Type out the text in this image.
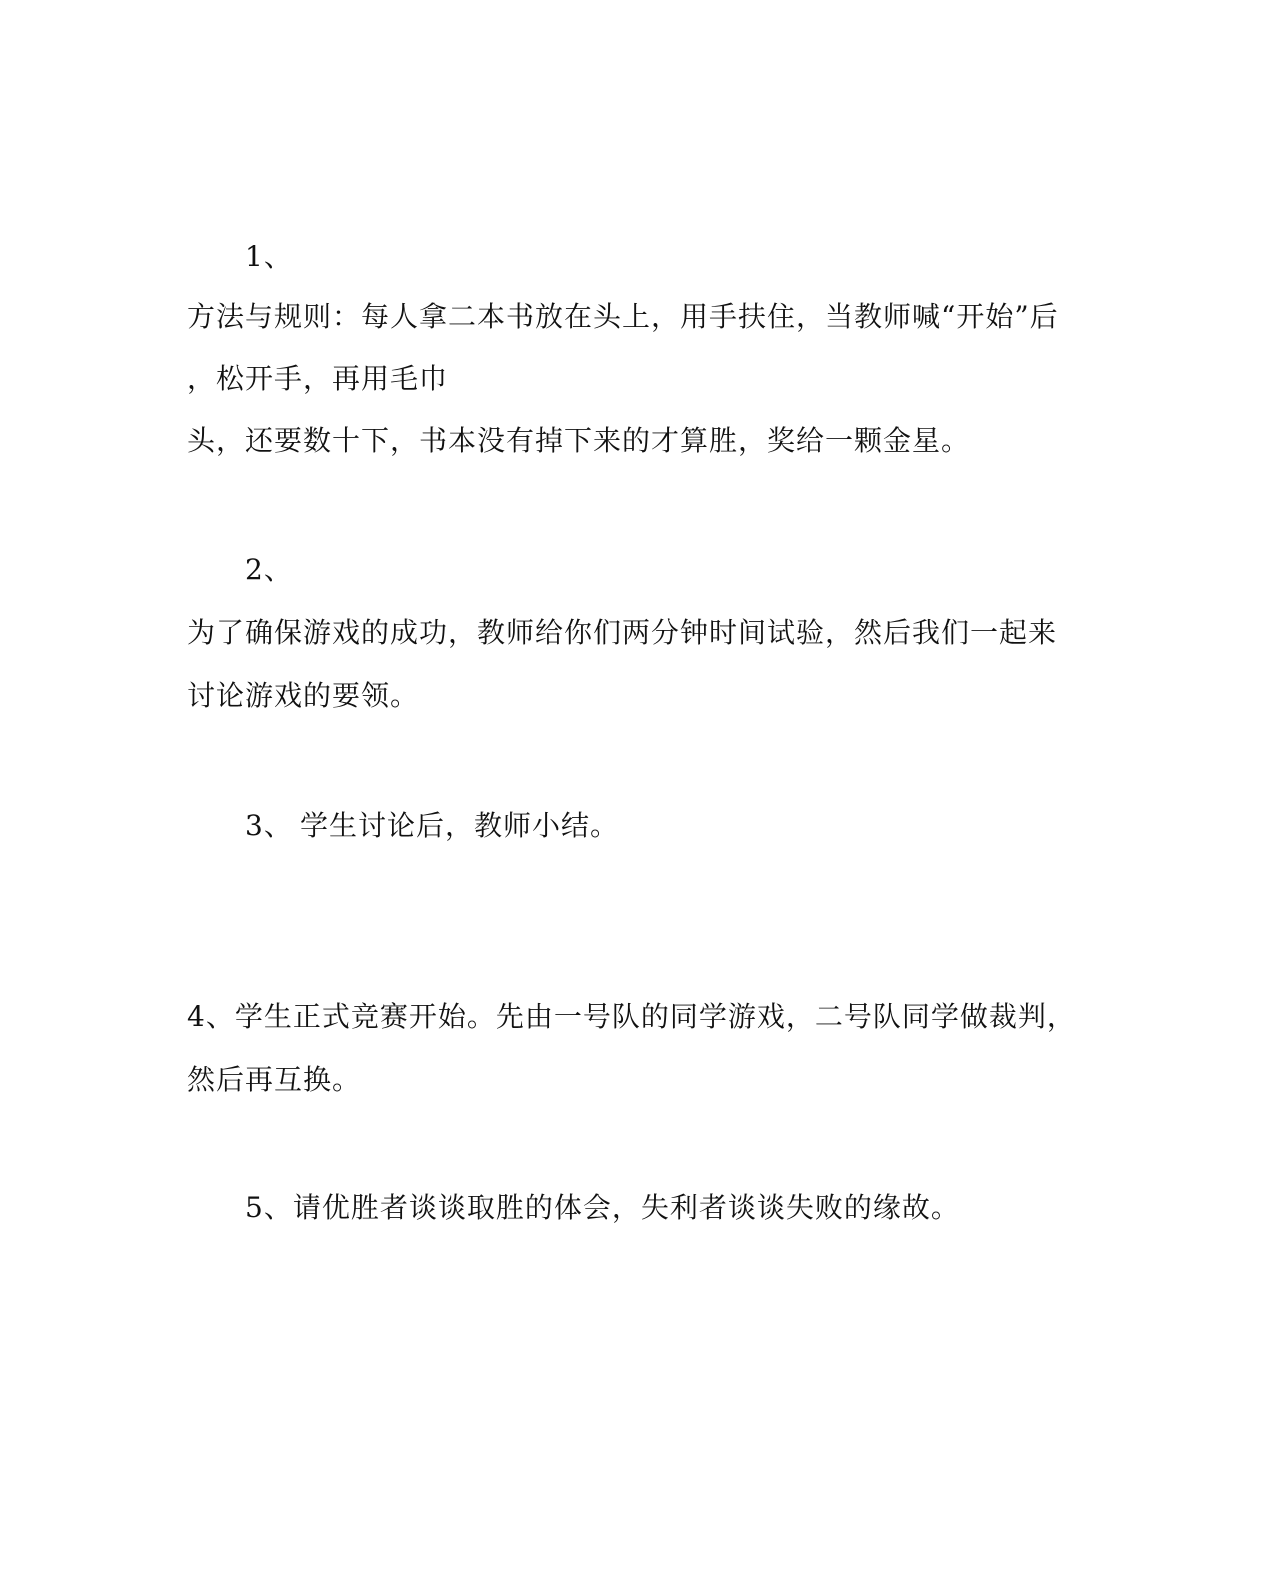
1、
方法与规则：每人拿二本书放在头上，用手扶住，当教师喊“开始”后
，松开手，再用毛巾
头，还要数十下，书本没有掉下来的才算胜，奖给一颗金星。
2、
为了确保游戏的成功，教师给你们两分钟时间试验，然后我们一起来
讨论游戏的要领。
3、 学生讨论后，教师小结。
4、学生正式竞赛开始。先由一号队的同学游戏，二号队同学做裁判，
然后再互换。
5、请优胜者谈谈取胜的体会，失利者谈谈失败的缘故。
